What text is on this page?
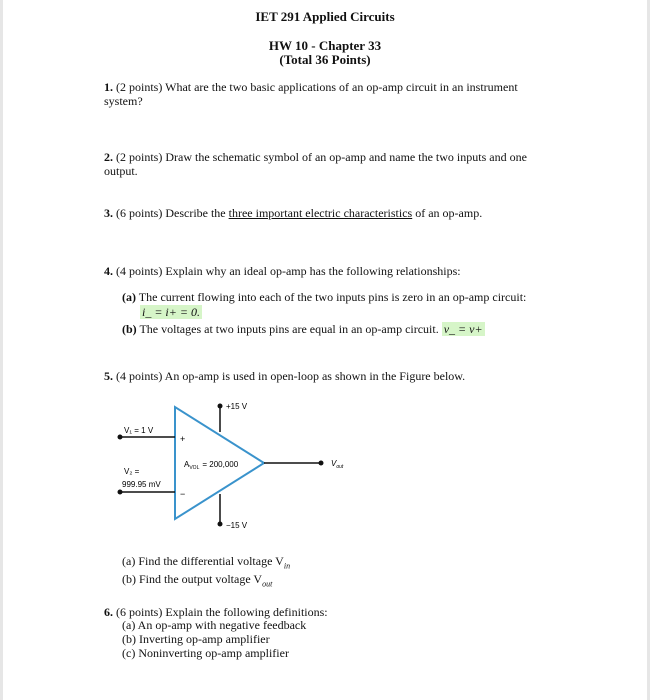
IET 291 Applied Circuits
HW 10 - Chapter 33
(Total 36 Points)
1. (2 points) What are the two basic applications of an op-amp circuit in an instrument system?
2. (2 points) Draw the schematic symbol of an op-amp and name the two inputs and one output.
3. (6 points) Describe the three important electric characteristics of an op-amp.
4. (4 points) Explain why an ideal op-amp has the following relationships:
(a) The current flowing into each of the two inputs pins is zero in an op-amp circuit:
i_ = i+ = 0.
(b) The voltages at two inputs pins are equal in an op-amp circuit. v_ = v+
5. (4 points) An op-amp is used in open-loop as shown in the Figure below.
+15 V
−15 V
V₁ = 1 V
V₂ =
999.95 mV
+
−
$A_{VOL} = 200,000$	$V_{out}$
(a) Find the differential voltage $V_{in}$
(b) Find the output voltage $V_{out}$
6. (6 points) Explain the following definitions:
(a) An op-amp with negative feedback
(b) Inverting op-amp amplifier
(c) Noninverting op-amp amplifier
